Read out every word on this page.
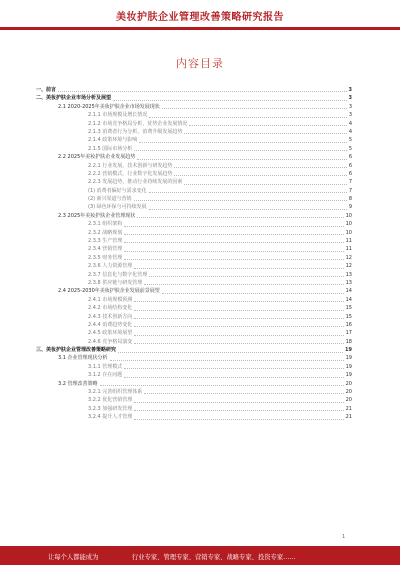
美妆护肤企业管理改善策略研究报告
内容目录
一、前言	3
二、美妆护肤企业市场分析及展望	3
2.1 2020-2025年美妆护肤企业市场发展现状	3
2.1.1 市场规模及增长情况	3
2.1.2 市场竞争格局分析，优势企业发展情况	4
2.1.3 消费者行为分析，消费升级发展趋势	4
2.1.4 政策环境与影响	5
2.1.5 国际市场分析	5
2.2 2025年美妆护肤企业发展趋势	6
2.2.1 行业发展，技术创新与研发趋势	6
2.2.2 营销模式，行业数字化发展趋势	6
2.2.3 发展趋势，推动行业持续发展的因素	7
(1) 消费者偏好与需求变化	7
(2) 新兴渠道与营销	8
(3) 绿色环保与可持续发展	9
2.3 2025年美妆护肤企业管理现状	10
2.3.1 组织架构	10
2.3.2 战略规划	10
2.3.3 生产管理	11
2.3.4 营销管理	11
2.3.5 财务管理	12
2.3.6 人力资源管理	12
2.3.7 信息化与数字化管理	13
2.3.8 供应链与研发管理	13
2.4 2025-2030年美妆护肤企业发展前景展望	14
2.4.1 市场规模预测	14
2.4.2 市场结构变化	15
2.4.3 技术创新方向	15
2.4.4 消费趋势变化	16
2.4.5 政策环境展望	17
2.4.6 竞争格局演变	18
三、美妆护肤企业管理改善策略研究	19
3.1 企业管理现状分析	19
3.1.1 管理模式	19
3.1.2 存在问题	19
3.2 管理改善策略	20
3.2.1 完善组织管理体系	20
3.2.2 优化营销管理	20
3.2.3 加强研发管理	21
3.2.4 提升人才管理	21
1
让每个人都能成为	行业专家、管理专家、营销专家、战略专家、投资专家……
